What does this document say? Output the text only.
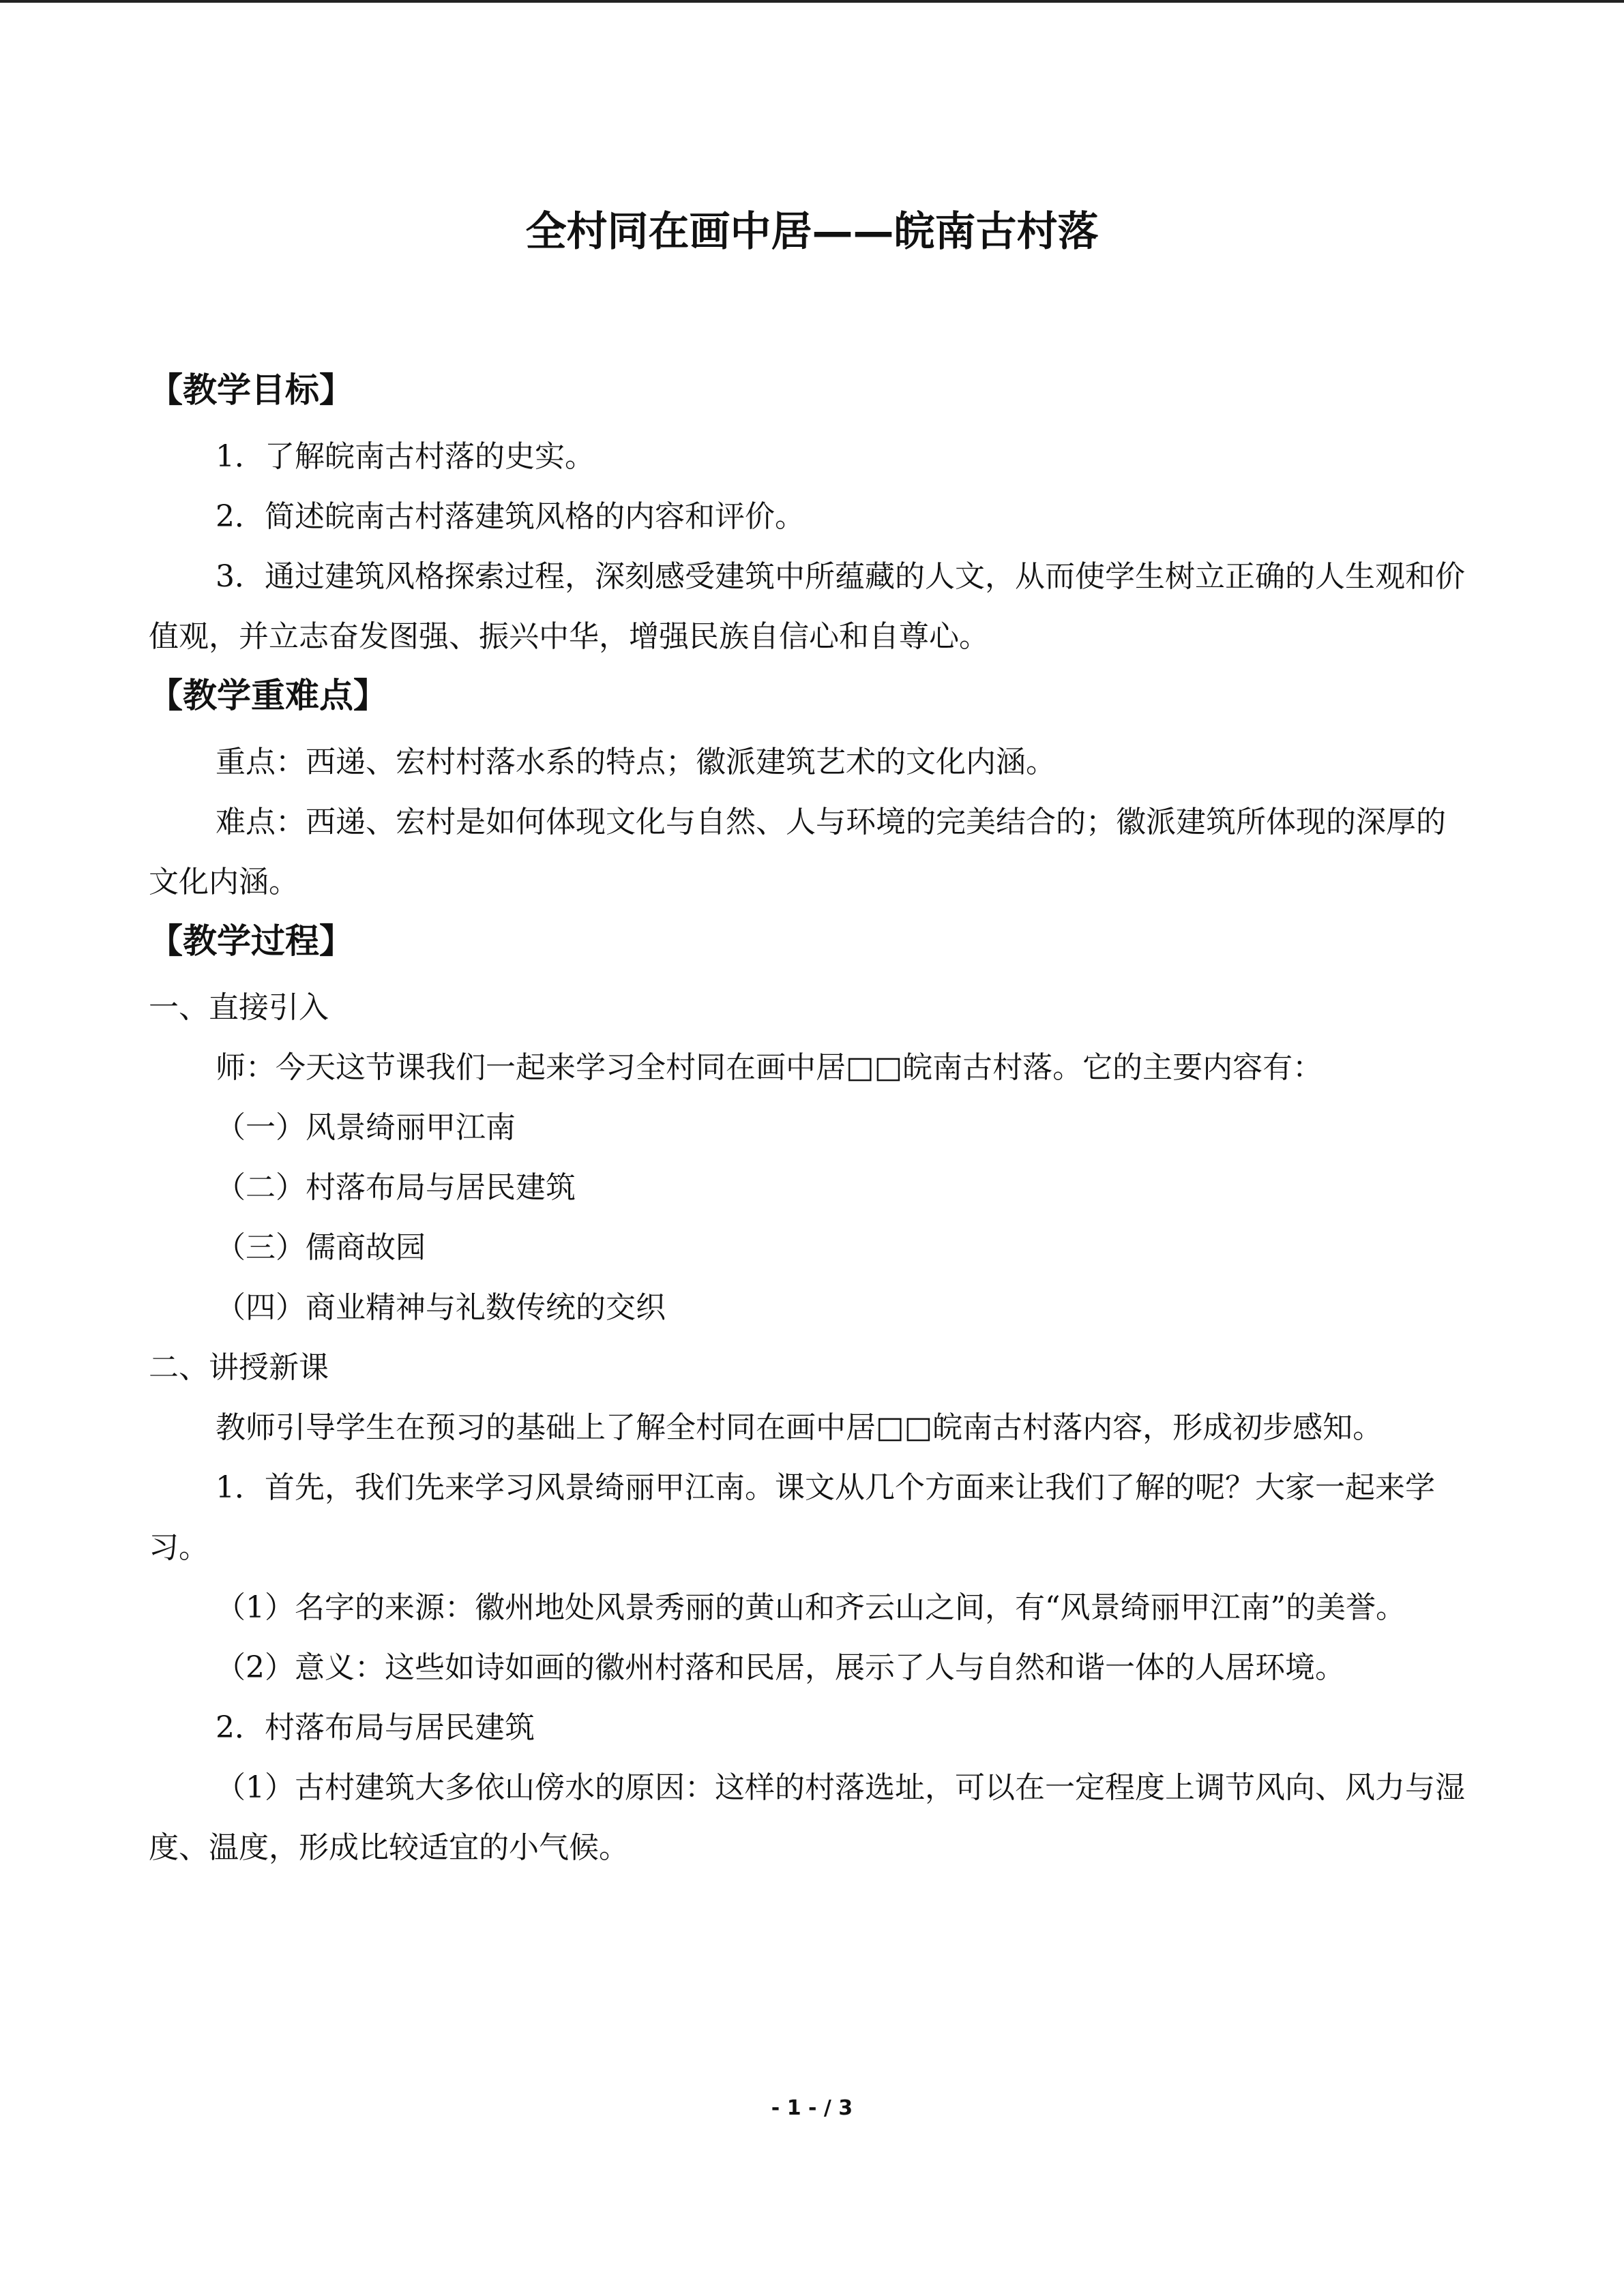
全村同在画中居——皖南古村落
【教学目标】

1．了解皖南古村落的史实。

2．简述皖南古村落建筑风格的内容和评价。

3．通过建筑风格探索过程，深刻感受建筑中所蕴藏的人文，从而使学生树立正确的人生观和价值观，并立志奋发图强、振兴中华，增强民族自信心和自尊心。

【教学重难点】

重点：西递、宏村村落水系的特点；徽派建筑艺术的文化内涵。

难点：西递、宏村是如何体现文化与自然、人与环境的完美结合的；徽派建筑所体现的深厚的文化内涵。

【教学过程】

一、直接引入

师：今天这节课我们一起来学习全村同在画中居□□皖南古村落。它的主要内容有：

（一）风景绮丽甲江南

（二）村落布局与居民建筑

（三）儒商故园

（四）商业精神与礼数传统的交织

二、讲授新课

教师引导学生在预习的基础上了解全村同在画中居□□皖南古村落内容，形成初步感知。

1．首先，我们先来学习风景绮丽甲江南。课文从几个方面来让我们了解的呢？大家一起来学习。

（1）名字的来源：徽州地处风景秀丽的黄山和齐云山之间，有“风景绮丽甲江南”的美誉。

（2）意义：这些如诗如画的徽州村落和民居，展示了人与自然和谐一体的人居环境。

2．村落布局与居民建筑

（1）古村建筑大多依山傍水的原因：这样的村落选址，可以在一定程度上调节风向、风力与湿度、温度，形成比较适宜的小气候。

- 1 - / 3
